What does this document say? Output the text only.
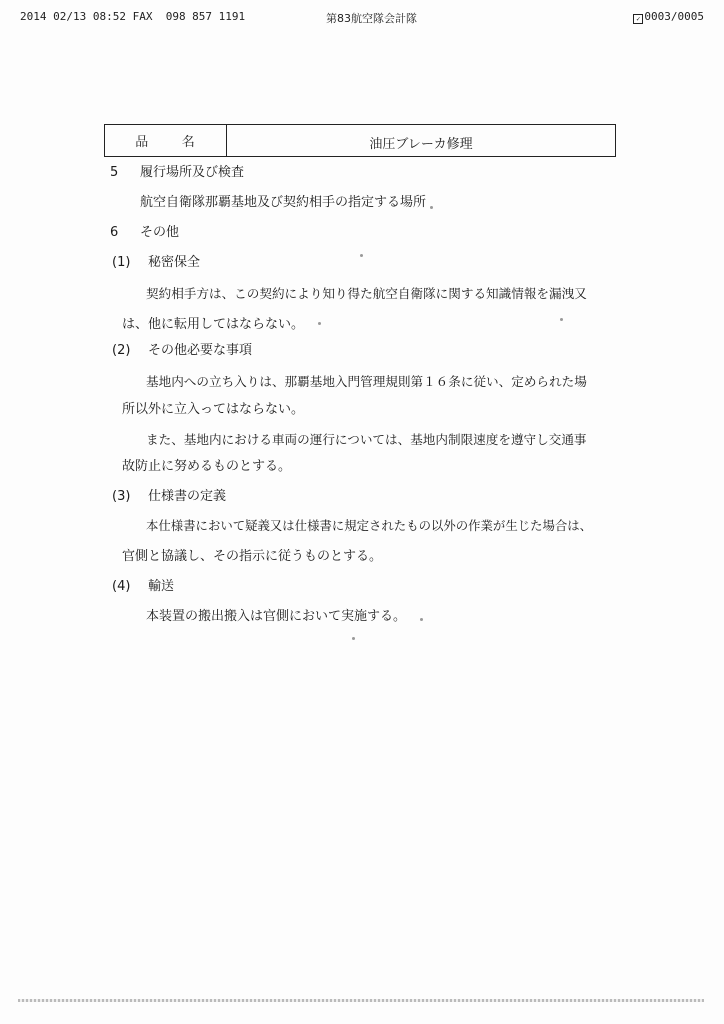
2014 02/13 08:52 FAX  098 857 1191	第83航空隊会計隊	✓ 0003/0005
品 名	油圧ブレーカ修理
5 履行場所及び検査
航空自衛隊那覇基地及び契約相手の指定する場所
6 その他
(1) 秘密保全
契約相手方は、この契約により知り得た航空自衛隊に関する知識情報を漏洩又
は、他に転用してはならない。
(2) その他必要な事項
基地内への立ち入りは、那覇基地入門管理規則第１６条に従い、定められた場
所以外に立入ってはならない。
また、基地内における車両の運行については、基地内制限速度を遵守し交通事
故防止に努めるものとする。
(3) 仕様書の定義
本仕様書において疑義又は仕様書に規定されたもの以外の作業が生じた場合は、
官側と協議し、その指示に従うものとする。
(4) 輸送
本装置の搬出搬入は官側において実施する。
